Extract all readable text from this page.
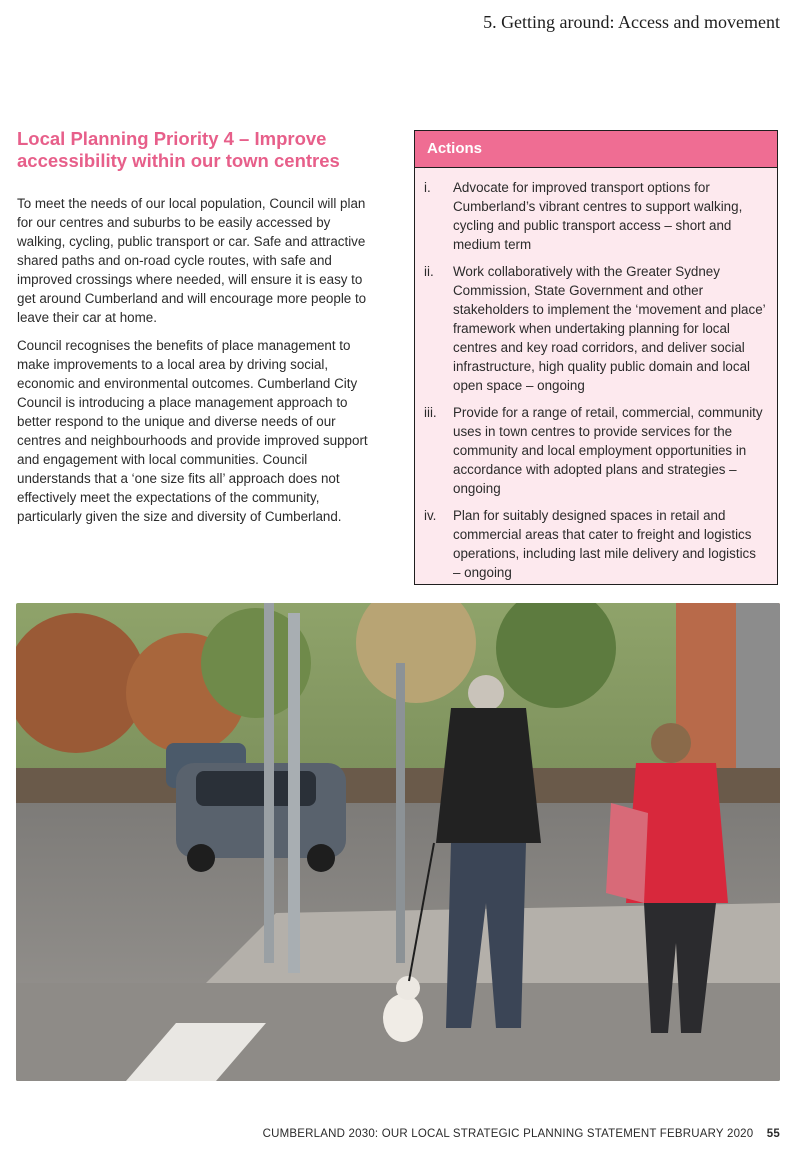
5. Getting around: Access and movement
Local Planning Priority 4 – Improve accessibility within our town centres

To meet the needs of our local population, Council will plan for our centres and suburbs to be easily accessed by walking, cycling, public transport or car. Safe and attractive shared paths and on-road cycle routes, with safe and improved crossings where needed, will ensure it is easy to get around Cumberland and will encourage more people to leave their car at home.

Council recognises the benefits of place management to make improvements to a local area by driving social, economic and environmental outcomes. Cumberland City Council is introducing a place management approach to better respond to the unique and diverse needs of our centres and neighbourhoods and provide improved support and engagement with local communities. Council understands that a ‘one size fits all’ approach does not effectively meet the expectations of the community, particularly given the size and diversity of Cumberland.

Actions
i.	Advocate for improved transport options for Cumberland’s vibrant centres to support walking, cycling and public transport access – short and medium term
ii.	Work collaboratively with the Greater Sydney Commission, State Government and other stakeholders to implement the ‘movement and place’ framework when undertaking planning for local centres and key road corridors, and deliver social infrastructure, high quality public domain and local open space – ongoing
iii.	Provide for a range of retail, commercial, community uses in town centres to provide services for the community and local employment opportunities in accordance with adopted plans and strategies – ongoing
iv.	Plan for suitably designed spaces in retail and commercial areas that cater to freight and logistics operations, including last mile delivery and logistics – ongoing
CUMBERLAND 2030: OUR LOCAL STRATEGIC PLANNING STATEMENT FEBRUARY 2020 55
